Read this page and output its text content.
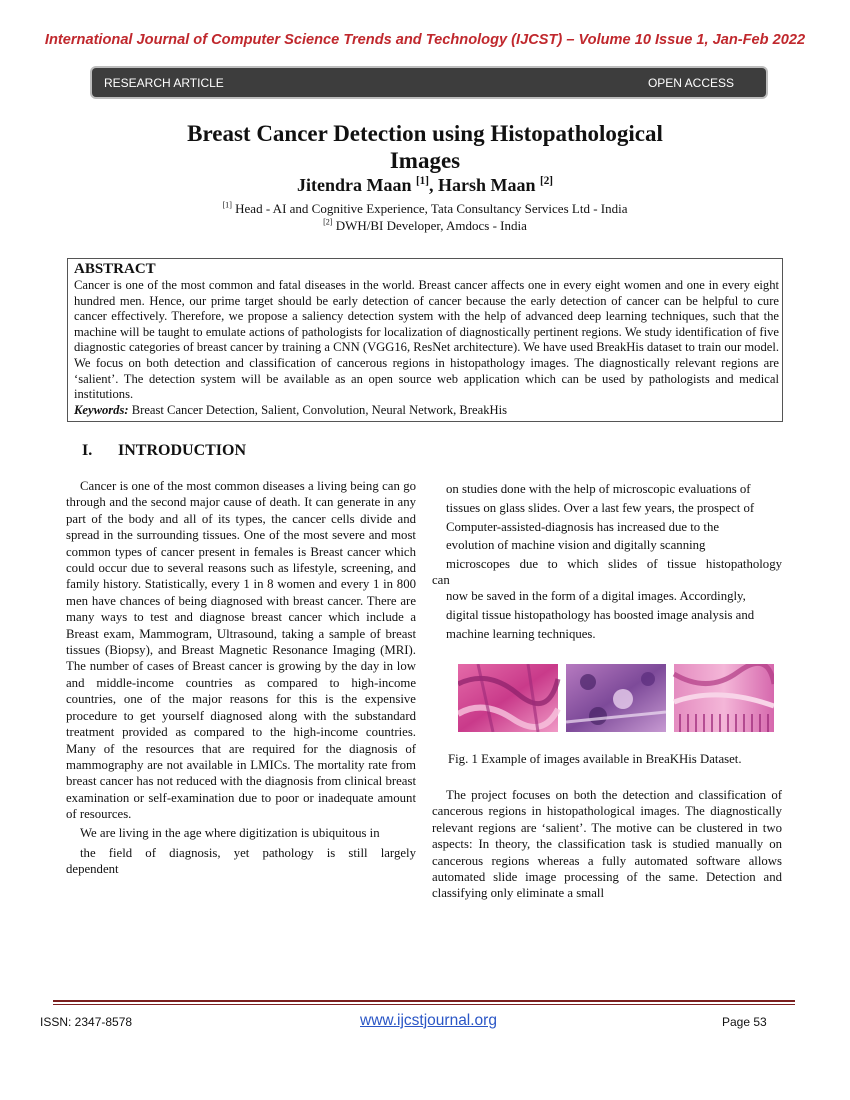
International Journal of Computer Science Trends and Technology (IJCST) – Volume 10 Issue 1, Jan-Feb 2022
RESEARCH ARTICLE	OPEN ACCESS
Breast Cancer Detection using Histopathological
Images
Jitendra Maan [1], Harsh Maan [2]
[1] Head - AI and Cognitive Experience, Tata Consultancy Services Ltd - India
[2] DWH/BI Developer, Amdocs - India
ABSTRACT
Cancer is one of the most common and fatal diseases in the world. Breast cancer affects one in every eight women and one in every eight hundred men. Hence, our prime target should be early detection of cancer because the early detection of cancer can be helpful to cure cancer effectively. Therefore, we propose a saliency detection system with the help of advanced deep learning techniques, such that the machine will be taught to emulate actions of pathologists for localization of diagnostically pertinent regions. We study identification of five diagnostic categories of breast cancer by training a CNN (VGG16, ResNet architecture). We have used BreakHis dataset to train our model. We focus on both detection and classification of cancerous regions in histopathology images. The diagnostically relevant regions are ‘salient’. The detection system will be available as an open source web application which can be used by pathologists and medical institutions.
Keywords: Breast Cancer Detection, Salient, Convolution, Neural Network, BreakHis
I. INTRODUCTION
Cancer is one of the most common diseases a living being can go through and the second major cause of death. It can generate in any part of the body and all of its types, the cancer cells divide and spread in the surrounding tissues. One of the most severe and most common types of cancer present in females is Breast cancer which could occur due to several reasons such as lifestyle, screening, and family history. Statistically, every 1 in 8 women and every 1 in 800 men have chances of being diagnosed with breast cancer. There are many ways to test and diagnose breast cancer which include a Breast exam, Mammogram, Ultrasound, taking a sample of breast tissues (Biopsy), and Breast Magnetic Resonance Imaging (MRI). The number of cases of Breast cancer is growing by the day in low and middle-income countries as compared to high-income countries, one of the major reasons for this is the expensive procedure to get yourself diagnosed along with the substandard treatment provided as compared to the high-income countries. Many of the resources that are required for the diagnosis of mammography are not available in LMICs. The mortality rate from breast cancer has not reduced with the diagnosis from clinical breast examination or self-examination due to poor or inadequate amount of resources.
We are living in the age where digitization is ubiquitous in
the field of diagnosis, yet pathology is still largely
dependent
on studies done with the help of microscopic evaluations of
tissues on glass slides. Over a last few years, the prospect of
Computer-assisted-diagnosis has increased due to the
evolution of machine vision and digitally scanning
microscopes due to which slides of tissue histopathology
can
now be saved in the form of a digital images. Accordingly,
digital tissue histopathology has boosted image analysis and
machine learning techniques.
Fig. 1 Example of images available in BreaKHis Dataset.
The project focuses on both the detection and classification of cancerous regions in histopathological images. The diagnostically relevant regions are ‘salient’. The motive can be clustered in two aspects: In theory, the classification task is studied manually on cancerous regions whereas a fully automated software allows automated slide image processing of the same. Detection and classifying only eliminate a small
ISSN: 2347-8578	www.ijcstjournal.org	Page 53
